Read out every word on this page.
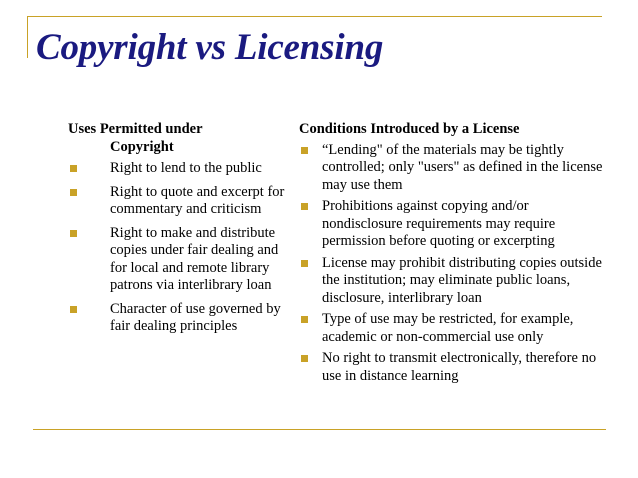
Copyright vs Licensing
Uses Permitted under
Copyright
Right to lend to the public
Right to quote and excerpt for commentary and criticism
Right to make and distribute copies under fair dealing and for local and remote library patrons via interlibrary loan
Character of use governed by fair dealing principles
Conditions Introduced by a License
“Lending" of the materials may be tightly controlled; only "users" as defined in the license may use them
Prohibitions against copying and/or nondisclosure requirements may require permission before quoting or excerpting
License may prohibit distributing copies outside the institution; may eliminate public loans, disclosure, interlibrary loan
Type of use may be restricted, for example, academic or non-commercial use only
No right to transmit electronically, therefore no use in distance learning
